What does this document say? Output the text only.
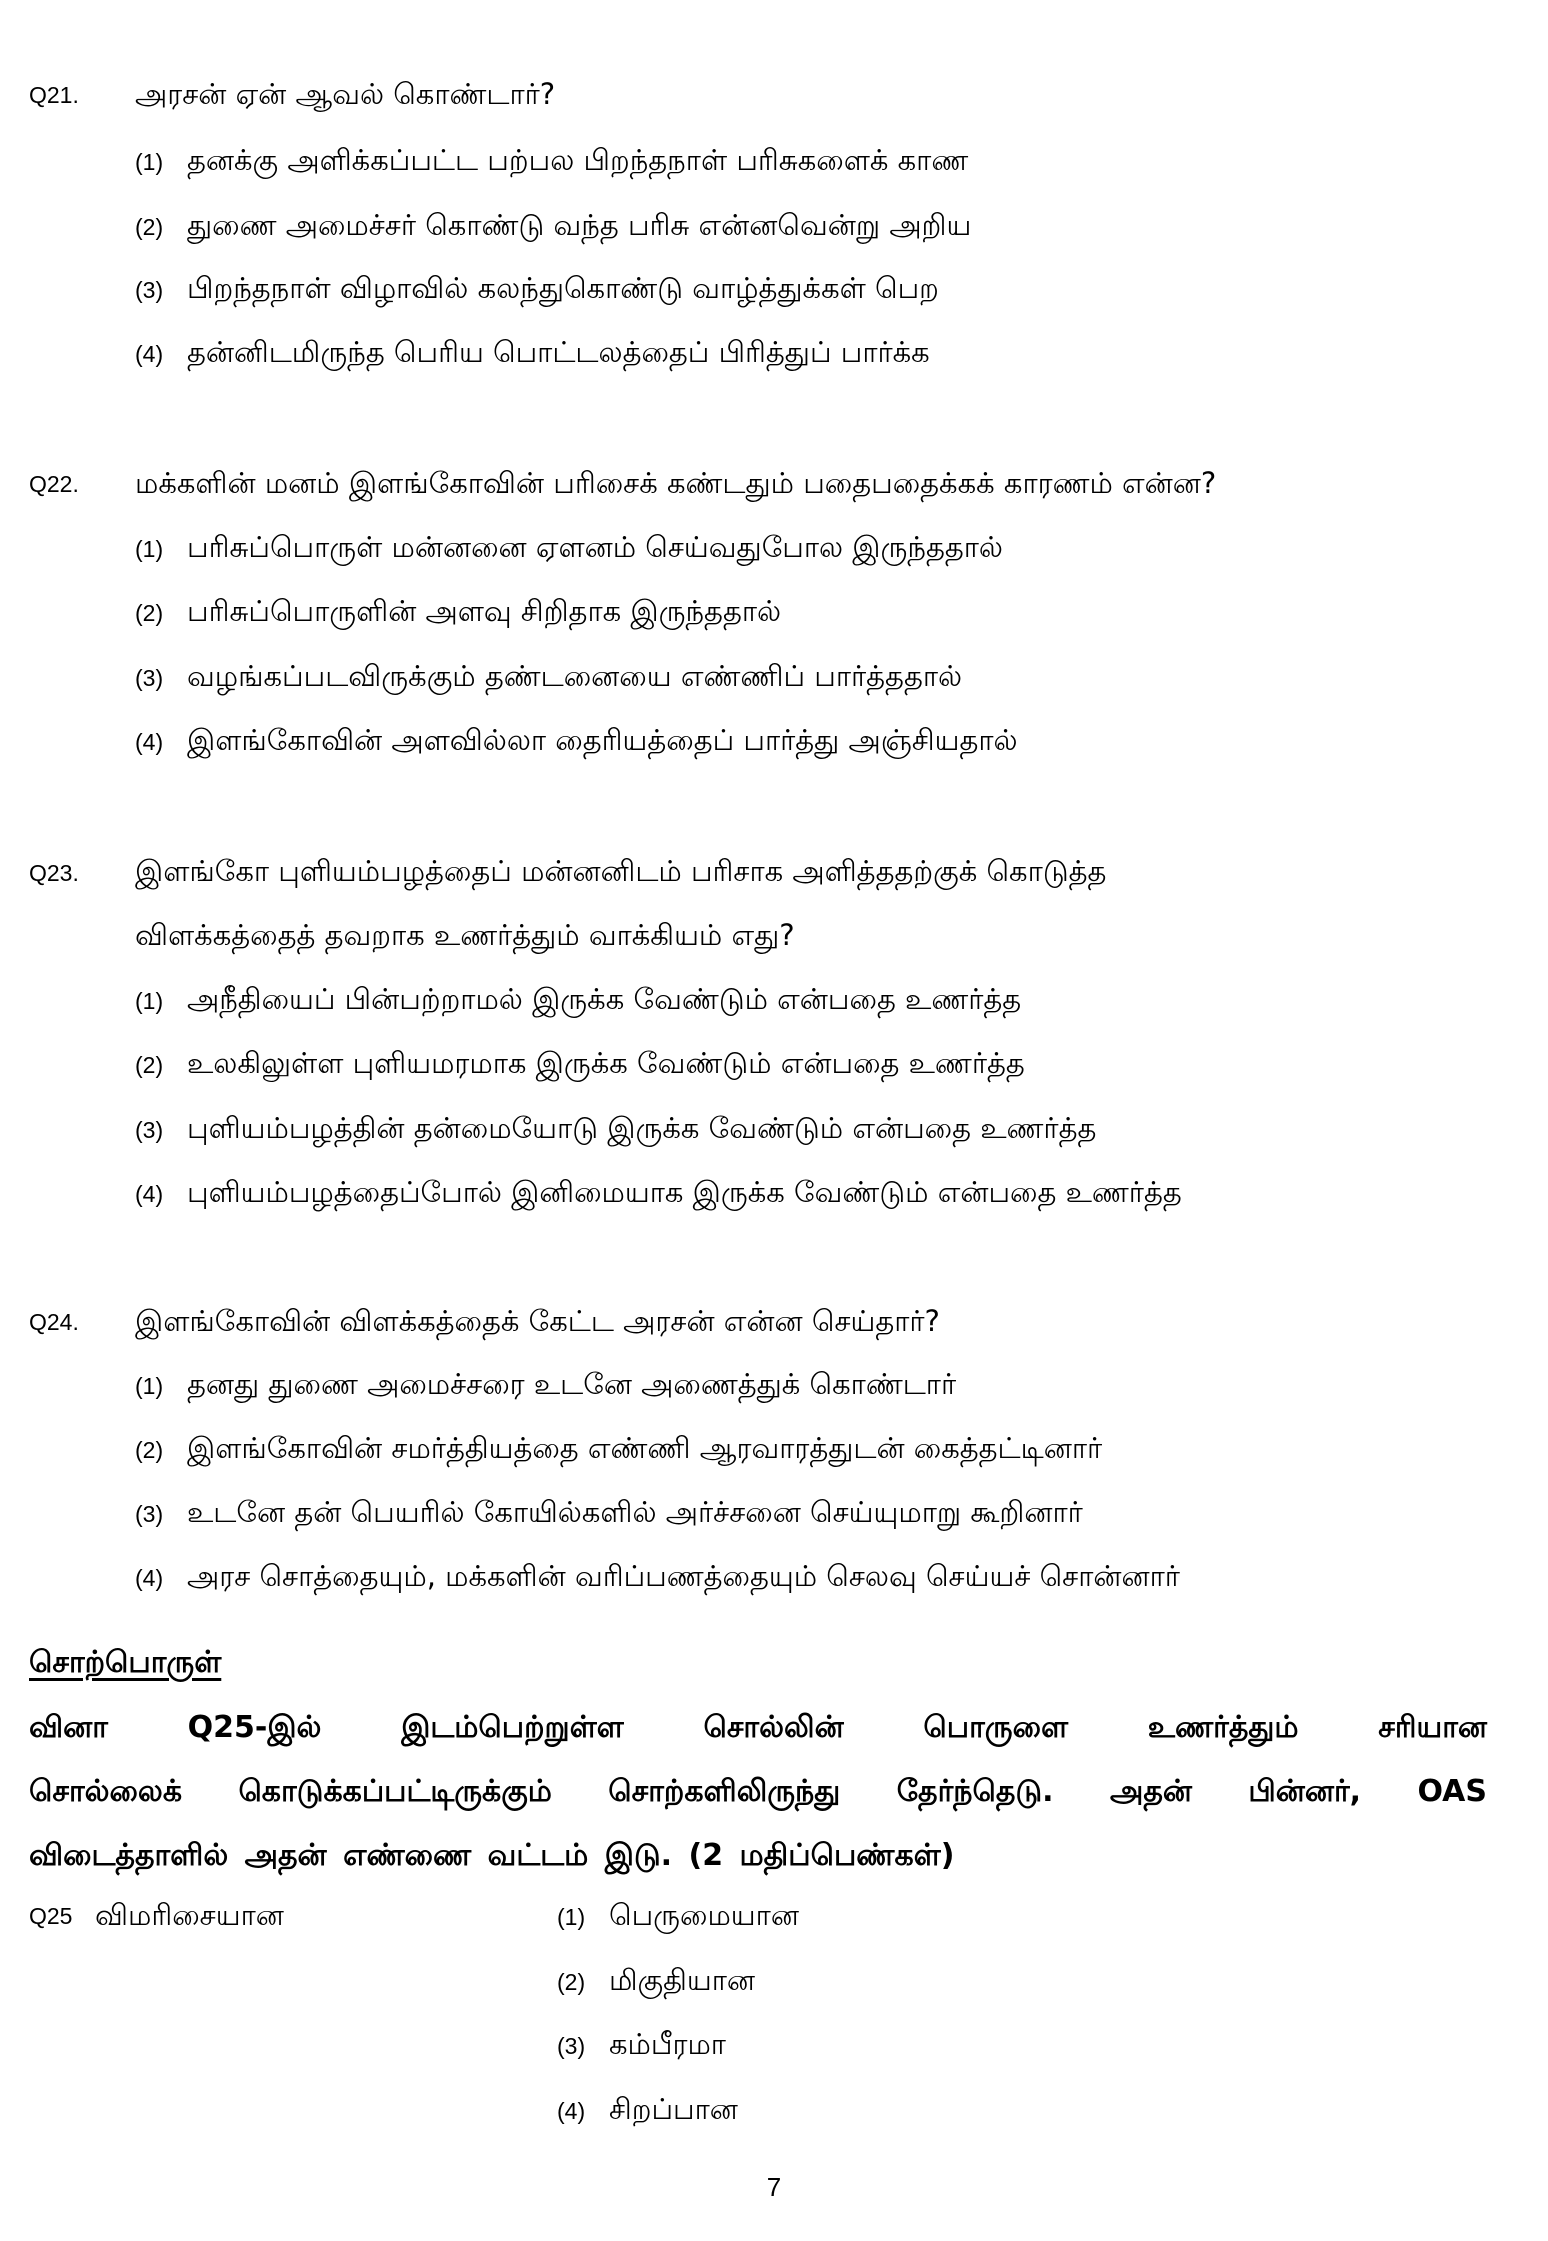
Q21. அரசன் ஏன் ஆவல் கொண்டார்?
(1) தனக்கு அளிக்கப்பட்ட பற்பல பிறந்தநாள் பரிசுகளைக் காண
(2) துணை அமைச்சர் கொண்டு வந்த பரிசு என்னவென்று அறிய
(3) பிறந்தநாள் விழாவில் கலந்துகொண்டு வாழ்த்துக்கள் பெற
(4) தன்னிடமிருந்த பெரிய பொட்டலத்தைப் பிரித்துப் பார்க்க
Q22. மக்களின் மனம் இளங்கோவின் பரிசைக் கண்டதும் பதைபதைக்கக் காரணம் என்ன?
(1) பரிசுப்பொருள் மன்னனை ஏளனம் செய்வதுபோல இருந்ததால்
(2) பரிசுப்பொருளின் அளவு சிறிதாக இருந்ததால்
(3) வழங்கப்படவிருக்கும் தண்டனையை எண்ணிப் பார்த்ததால்
(4) இளங்கோவின் அளவில்லா தைரியத்தைப் பார்த்து அஞ்சியதால்
Q23. இளங்கோ புளியம்பழத்தைப் மன்னனிடம் பரிசாக அளித்ததற்குக் கொடுத்த
விளக்கத்தைத் தவறாக உணர்த்தும் வாக்கியம் எது?
(1) அநீதியைப் பின்பற்றாமல் இருக்க வேண்டும் என்பதை உணர்த்த
(2) உலகிலுள்ள புளியமரமாக இருக்க வேண்டும் என்பதை உணர்த்த
(3) புளியம்பழத்தின் தன்மையோடு இருக்க வேண்டும் என்பதை உணர்த்த
(4) புளியம்பழத்தைப்போல் இனிமையாக இருக்க வேண்டும் என்பதை உணர்த்த
Q24. இளங்கோவின் விளக்கத்தைக் கேட்ட அரசன் என்ன செய்தார்?
(1) தனது துணை அமைச்சரை உடனே அணைத்துக் கொண்டார்
(2) இளங்கோவின் சமர்த்தியத்தை எண்ணி ஆரவாரத்துடன் கைத்தட்டினார்
(3) உடனே தன் பெயரில் கோயில்களில் அர்ச்சனை செய்யுமாறு கூறினார்
(4) அரச சொத்தையும், மக்களின் வரிப்பணத்தையும் செலவு செய்யச் சொன்னார்
சொற்பொருள்
வினா Q25-இல் இடம்பெற்றுள்ள சொல்லின் பொருளை உணர்த்தும் சரியான
சொல்லைக் கொடுக்கப்பட்டிருக்கும் சொற்களிலிருந்து தேர்ந்தெடு. அதன் பின்னர், OAS
விடைத்தாளில் அதன் எண்ணை வட்டம் இடு. (2 மதிப்பெண்கள்)
Q25 விமரிசையான	(1) பெருமையான
(2) மிகுதியான
(3) கம்பீரமா
(4) சிறப்பான
7
